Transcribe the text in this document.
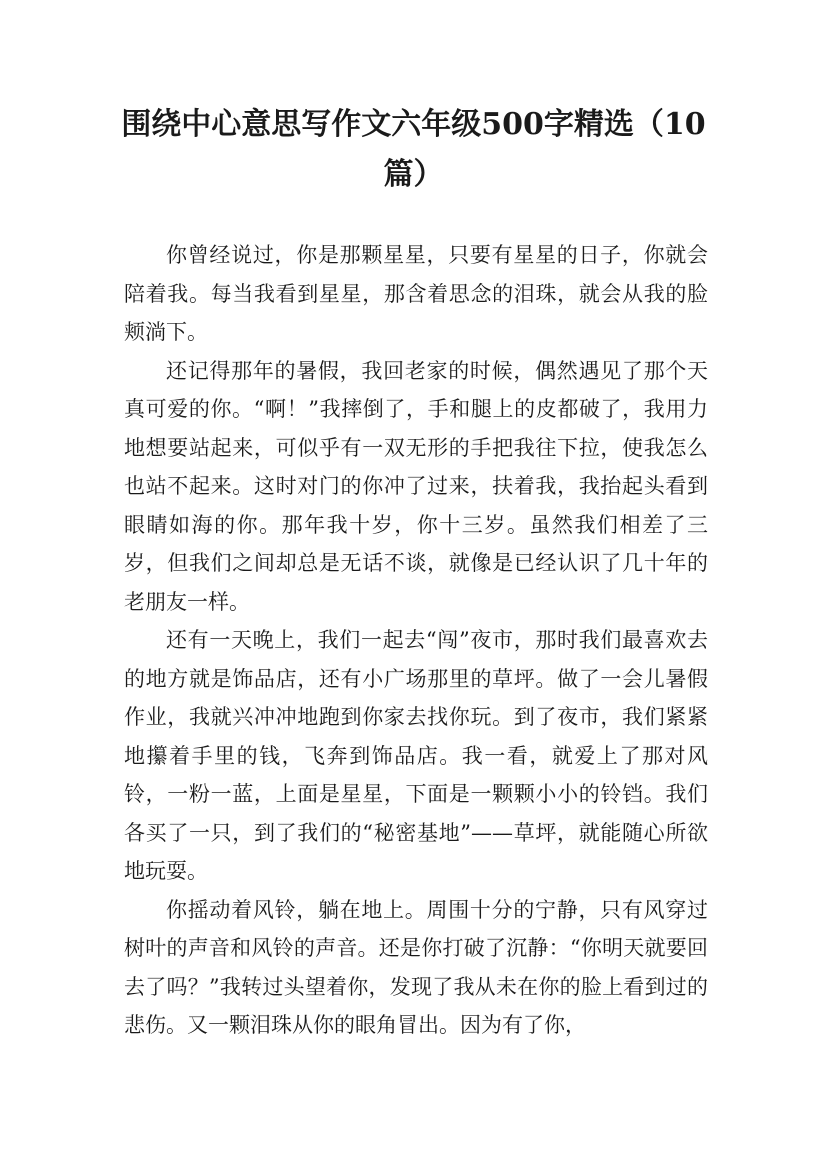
围绕中心意思写作文六年级500字精选（10篇）

你曾经说过，你是那颗星星，只要有星星的日子，你就会陪着我。每当我看到星星，那含着思念的泪珠，就会从我的脸颊淌下。

还记得那年的暑假，我回老家的时候，偶然遇见了那个天真可爱的你。“啊！”我摔倒了，手和腿上的皮都破了，我用力地想要站起来，可似乎有一双无形的手把我往下拉，使我怎么也站不起来。这时对门的你冲了过来，扶着我，我抬起头看到眼睛如海的你。那年我十岁，你十三岁。虽然我们相差了三岁，但我们之间却总是无话不谈，就像是已经认识了几十年的老朋友一样。

还有一天晚上，我们一起去“闯”夜市，那时我们最喜欢去的地方就是饰品店，还有小广场那里的草坪。做了一会儿暑假作业，我就兴冲冲地跑到你家去找你玩。到了夜市，我们紧紧地攥着手里的钱，飞奔到饰品店。我一看，就爱上了那对风铃，一粉一蓝，上面是星星，下面是一颗颗小小的铃铛。我们各买了一只，到了我们的“秘密基地”——草坪，就能随心所欲地玩耍。

你摇动着风铃，躺在地上。周围十分的宁静，只有风穿过树叶的声音和风铃的声音。还是你打破了沉静：“你明天就要回去了吗？”我转过头望着你，发现了我从未在你的脸上看到过的悲伤。又一颗泪珠从你的眼角冒出。因为有了你，
